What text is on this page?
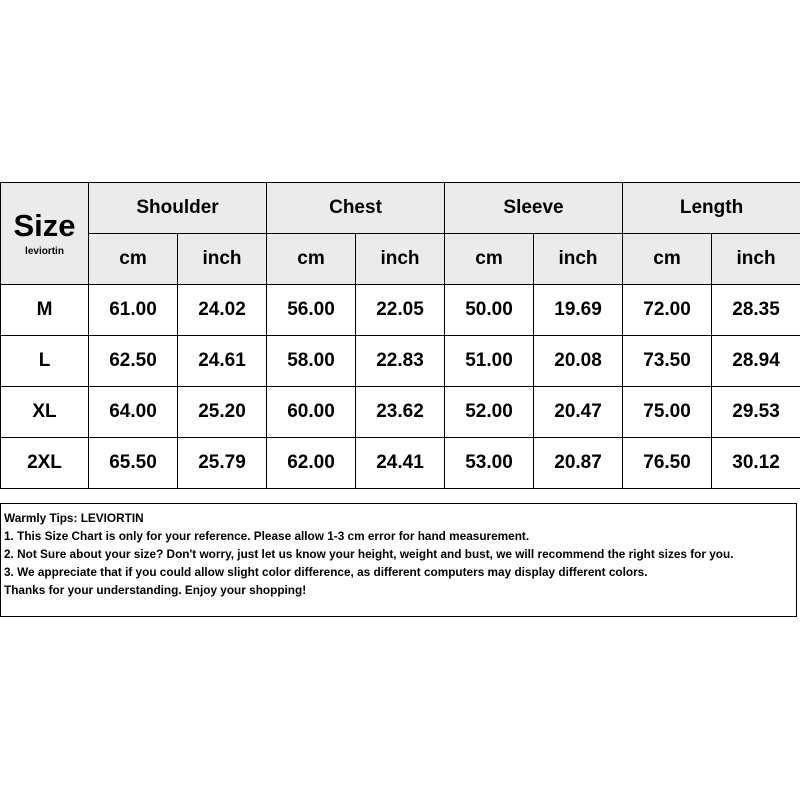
Size
leviortin	Shoulder		Chest		Sleeve		Length	
	cm	inch	cm	inch	cm	inch	cm	inch
M	61.00	24.02	56.00	22.05	50.00	19.69	72.00	28.35
L	62.50	24.61	58.00	22.83	51.00	20.08	73.50	28.94
XL	64.00	25.20	60.00	23.62	52.00	20.47	75.00	29.53
2XL	65.50	25.79	62.00	24.41	53.00	20.87	76.50	30.12
Warmly Tips: LEVIORTIN
1. This Size Chart is only for your reference. Please allow 1-3 cm error for hand measurement.
2. Not Sure about your size? Don't worry, just let us know your height, weight and bust, we will recommend the right sizes for you.
3. We appreciate that if you could allow slight color difference, as different computers may display different colors.
Thanks for your understanding. Enjoy your shopping!
